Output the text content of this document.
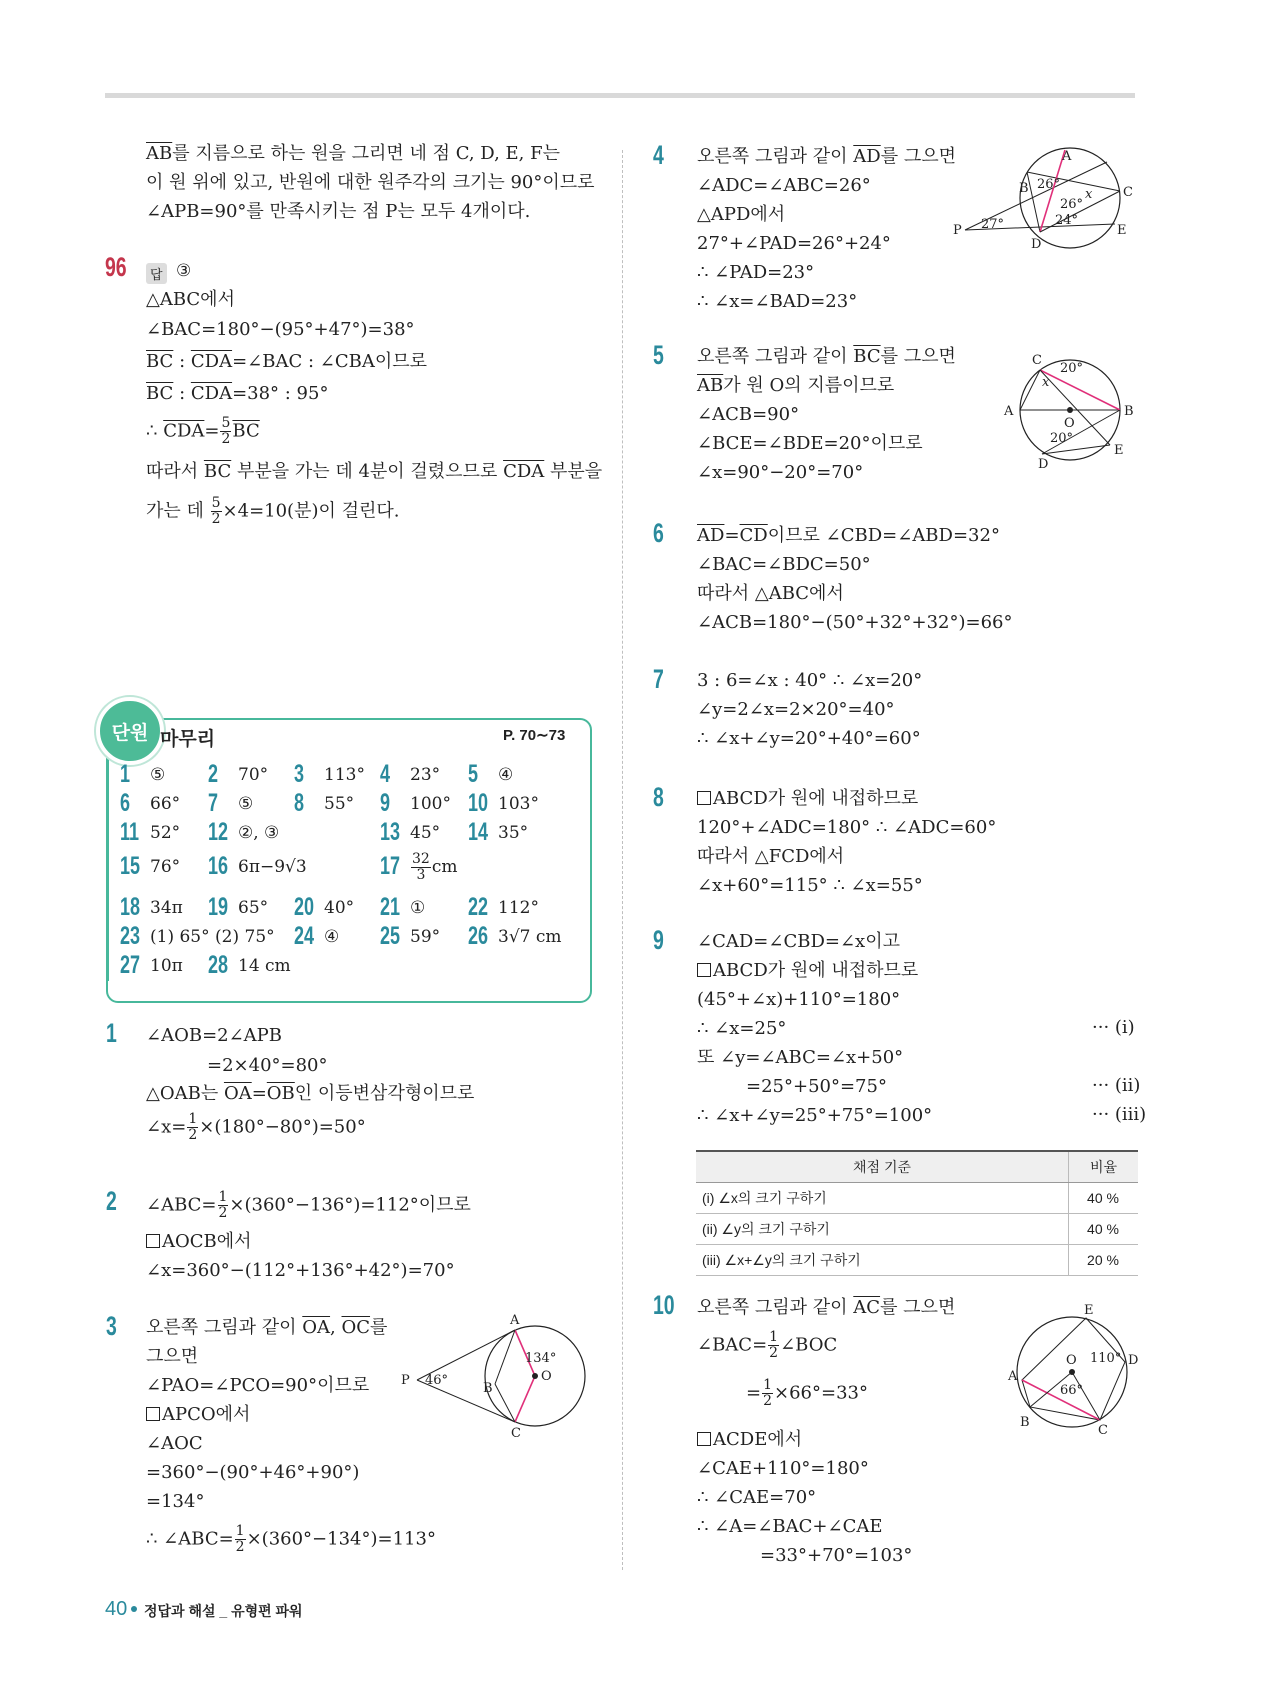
$\overline{AB}$를 지름으로 하는 원을 그리면 네 점 C, D, E, F는
이 원 위에 있고, 반원에 대한 원주각의 크기는 90°이므로
∠APB=90°를 만족시키는 점 P는 모두 4개이다.
96	답 ③
△ABC에서
∠BAC=180°−(95°+47°)=38°
$\overline{BC}$ : $\overline{CDA}=\angle BAC$ : ∠CBA이므로
$\overline{BC}$ : $\overline{CDA}=38^\circ$ : 95°
∴ $\overline{CDA}= \frac{5}{2} \overline{BC}$
따라서 $\overline{BC}$ 부분을 가는 데 4분이 걸렸으므로 $\overline{CDA}$ 부분을
가는 데 $\frac{5}{2} \times 4=10$(분)이 걸린다.
단원 마무리	P. 70∼73
1 ⑤ 2 70° 3 113° 4 23° 5 ④
6 66° 7 ⑤ 8 55° 9 100° 10 103°
11 52° 12 ②, ③	13 45° 14 35°
15 76° 16 6π−9√3	$17 \frac{32}{3}$ cm
18 34π 19 65° 20 40° 21 ① 22 112°
23 (1) 65° (2) 75° 24 ④ 25 59° 26 3√7 cm
27 10π 28 14 cm
1 ∠AOB=2∠APB
=2×40°=80°
△OAB는 $\overline{OA}=\overline{OB}$인 이등변삼각형이므로
∠x= $\frac{1}{2} \times(180^\circ-80^\circ)=50^\circ$
2 ∠ABC= $\frac{1}{2} \times(360^\circ-136^\circ)=112^\circ$이므로
AOCB에서
∠x=360°−(112°+136°+42°)=70°
3 오른쪽 그림과 같이 $\overline{OA}$, $\overline{OC}$를
그으면
∠PAO=∠PCO=90°이므로
APCO에서
∠AOC
=360°−(90°+46°+90°)
=134°
∴ ∠ABC= $\frac{1}{2} \times(360^\circ-134^\circ)=113^\circ$
A
B
C
O
P 46°
134°
4 오른쪽 그림과 같이 $\overline{AD}$를 그으면
∠ADC=∠ABC=26°
△APD에서
27°+∠PAD=26°+24°
∴ ∠PAD=23°
∴ ∠x=∠BAD=23°
A
B	C
D
E
P
26°
26°
24°
27°
x
5 오른쪽 그림과 같이 $\overline{BC}$를 그으면
$\overline{AB}$가 원 O의 지름이므로
∠ACB=90°
∠BCE=∠BDE=20°이므로
∠x=90°−20°=70°
C
A	B
O
D
E
20°
20°
x
6 $\overline{AD}=\overline{CD}$이므로 ∠CBD=∠ABD=32°
∠BAC=∠BDC=50°
따라서 △ABC에서
∠ACB=180°−(50°+32°+32°)=66°
7 3 : 6=∠x : 40° ∴ ∠x=20°
∠y=2∠x=2×20°=40°
∴ ∠x+∠y=20°+40°=60°
8	ABCD가 원에 내접하므로
120°+∠ADC=180° ∴ ∠ADC=60°
따라서 △FCD에서
∠x+60°=115° ∴ ∠x=55°
9 ∠CAD=∠CBD=∠x이고
ABCD가 원에 내접하므로
(45°+∠x)+110°=180°
∴ ∠x=25°	··· (i)
또 ∠y=∠ABC=∠x+50°
=25°+50°=75°	··· (ii)
∴ ∠x+∠y=25°+75°=100°	··· (iii)
채점 기준	비율
(i) ∠x의 크기 구하기	40 %
(ii) ∠y의 크기 구하기	40 %
(iii) ∠x+∠y의 크기 구하기	20 %
10 오른쪽 그림과 같이 $\overline{AC}$를 그으면
∠BAC= $\frac{1}{2}$ ∠BOC
= $\frac{1}{2} \times 66^\circ=33^\circ$
ACDE에서
∠CAE+110°=180°
∴ ∠CAE=70°
∴ ∠A=∠BAC+∠CAE
=33°+70°=103°
E
D
A
B
C
O 110°
66°
40 정답과 해설 _ 유형편 파워
